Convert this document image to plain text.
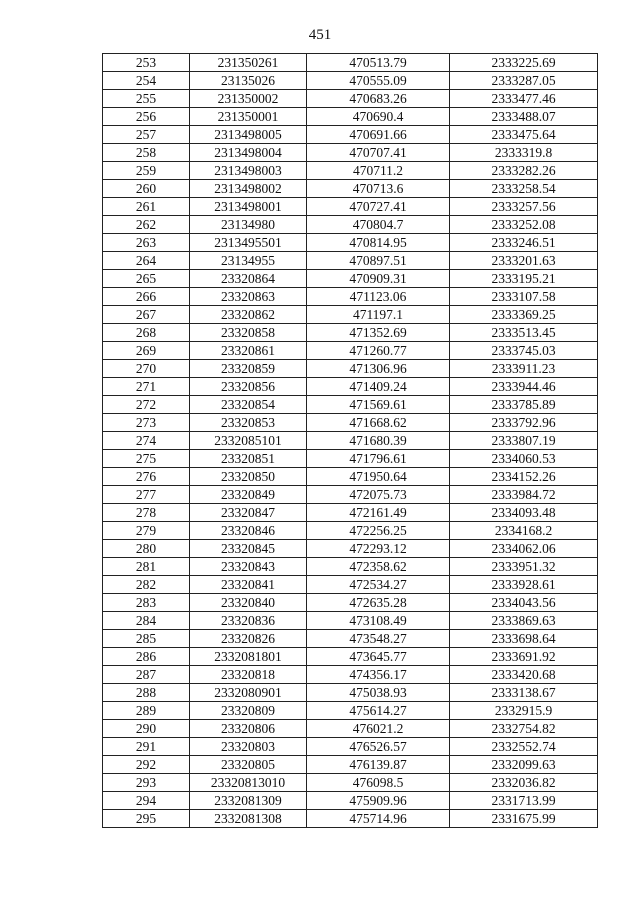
451
253	231350261	470513.79	2333225.69
254	23135026	470555.09	2333287.05
255	231350002	470683.26	2333477.46
256	231350001	470690.4	2333488.07
257	2313498005	470691.66	2333475.64
258	2313498004	470707.41	2333319.8
259	2313498003	470711.2	2333282.26
260	2313498002	470713.6	2333258.54
261	2313498001	470727.41	2333257.56
262	23134980	470804.7	2333252.08
263	2313495501	470814.95	2333246.51
264	23134955	470897.51	2333201.63
265	23320864	470909.31	2333195.21
266	23320863	471123.06	2333107.58
267	23320862	471197.1	2333369.25
268	23320858	471352.69	2333513.45
269	23320861	471260.77	2333745.03
270	23320859	471306.96	2333911.23
271	23320856	471409.24	2333944.46
272	23320854	471569.61	2333785.89
273	23320853	471668.62	2333792.96
274	2332085101	471680.39	2333807.19
275	23320851	471796.61	2334060.53
276	23320850	471950.64	2334152.26
277	23320849	472075.73	2333984.72
278	23320847	472161.49	2334093.48
279	23320846	472256.25	2334168.2
280	23320845	472293.12	2334062.06
281	23320843	472358.62	2333951.32
282	23320841	472534.27	2333928.61
283	23320840	472635.28	2334043.56
284	23320836	473108.49	2333869.63
285	23320826	473548.27	2333698.64
286	2332081801	473645.77	2333691.92
287	23320818	474356.17	2333420.68
288	2332080901	475038.93	2333138.67
289	23320809	475614.27	2332915.9
290	23320806	476021.2	2332754.82
291	23320803	476526.57	2332552.74
292	23320805	476139.87	2332099.63
293	23320813010	476098.5	2332036.82
294	2332081309	475909.96	2331713.99
295	2332081308	475714.96	2331675.99
